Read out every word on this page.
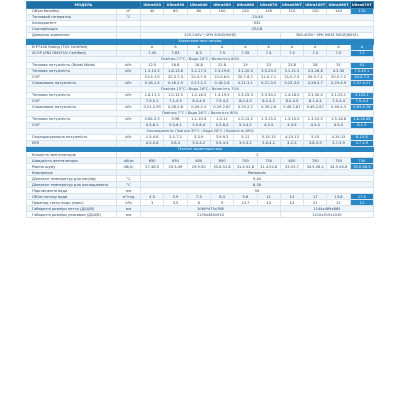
МОДЕЛЬ		Ultra020	Ultra030	Ultra040	Ultra050	Ultra060	Ultra070	Ultra090T	Ultra100T	Ultra060T	Ultra070T
Об'єм басейну	м³	40	60	80	100	120	140	110	120	140	170
Тепловий генератор	°C	-15-40									
Холодоагент		R32									
Сертифікація		CE/CB									
Джерело живлення		220-240V~/1PH 50HZ(60HZ)						380-400V~3PH 50HZ 50HZ(60HZ)			
Характеристика нагріву											
ErP7448 Rating (TUV Certified)		A	A	A	A	A	A	A	A	A	A
SCOP (EN17645TUV Certified)		7.45	7.63	8.3	7.9	7.39	7.4	7.4	7.4	7.0	7.2
Повітря 27°С / Вода 26°С / Вологість 80%											
Теплова потужність (Boost Mode)	кВт	12.5	16.8	18.8	22.8	19	23	23.8	28	31	42
Теплова потужність	кВт	1.2-10.5	1.8-13.8	2.2-17.3	2.3-19.6	3.1-20.5	3.5-23.3	3.1-21.5	3.5-28.8	4.3-30	7.5-49.1
COP		21.5-7.0	22.3-7.3	22.4-7.9	21.0-6.0	20.7-6.7	21.0-7.1	21.0-7.5	20.9-7.1	20.0-7.2	20.0-7.2
Споживана потужність	кВт	0.16-1.5	0.16-1.9	0.17-2.2	0.18-2.8	0.21-3.1	0.21-3.5	0.23-3.0	0.26-3.7	0.23-4.9	0.37-4.21
Повітря 15°С / Вода 26°С / Вологість 70%											
Теплова потужність	кВт	1.8-11.3	1.0-12.5	1.2-16.5	1.3-19.5	2.3-25.3	3.3-30.2	2.4-18.5	3.3-30.4	3.1-25.1	3.125-1
COP		7.9-5.1	7.1-4.5	8.3-4.9	7.9-4.5	8.0-4.3	8.2-4.2	8.0-4.5	8.1-4.4	7.5-4.4	7.9-4.4
Споживана потужність	кВт	0.51-2.59	0.28-2.8	0.49-2.4	0.29-2.87	0.29-2.2	0.39-2.8	0.49-2.87	0.49-2.87	0.49-4.3	0.63-4.76
Повітря 7°С / Вода 26°С / Вологість 60%											
Теплова потужність	кВт	0.84-5.5	0.98	1.1-10.4	1.2-11	1.3-12.2	1.3-15.5	1.3-15.5	1.3-15.5	1.5-16.6	1.8-18.48
COP		4.5-6.1	5.0-6.1	5.0-6.4	5.3-6.4	5.3-4.2	4.3-5	4.3-5	4.3-5	4.3-5	6.1-5
Охолодження: Повітря 35°С / Вода 28°С / Вологість 80%											
Охолоджувальна потужність	кВт	1.5-4.8	2.5-7.2	3.3-9	3.9-9.2	5-11	5.15-13	4.15-13	5-15	4.15-15	8-15.8
EER		4.5-5.6	3.8-3	5.0-4.2	5.0-4.4	3.9-3.2	5.0-4.2	4.2-3	3.8-3.9	3.7-3.9	3.7-2.9
Технічні характеристики											
Кількість вентиляторів		1									
Швидкість вентилятора	об/хв	650	650	650	650	750	750	650	750	750	750
Рівень шуму	dB(A)	27-48.5	29.3-49	29.9-50	30.8-51.8	31.4-52.8	31.4-52.6	33-53.7	34.5-56.2	34.5-56.8	35.0-58.3
Компресор		Panasonic									
Діапазон температур для нагріву	°C	9-40									
Діапазон температур для охолодження	°C	8-30									
Підключення води	мм	50									
Об'єм потоку води	м³/год	4.5	5.9	7.3	8.4	9.8	11	13	17	13.8	17.9
Перепад тиску води (макс)	kPa	3	3.5	6	9	14.7	14	14	21	21	12
Габаритні розміри нетто (Д/Ш/В)	мм	1060*475x768						1144x489x865			
Габаритні розміри упаковки (Д/Ш/В)	мм	1130x485x910						1210x515x1010			
